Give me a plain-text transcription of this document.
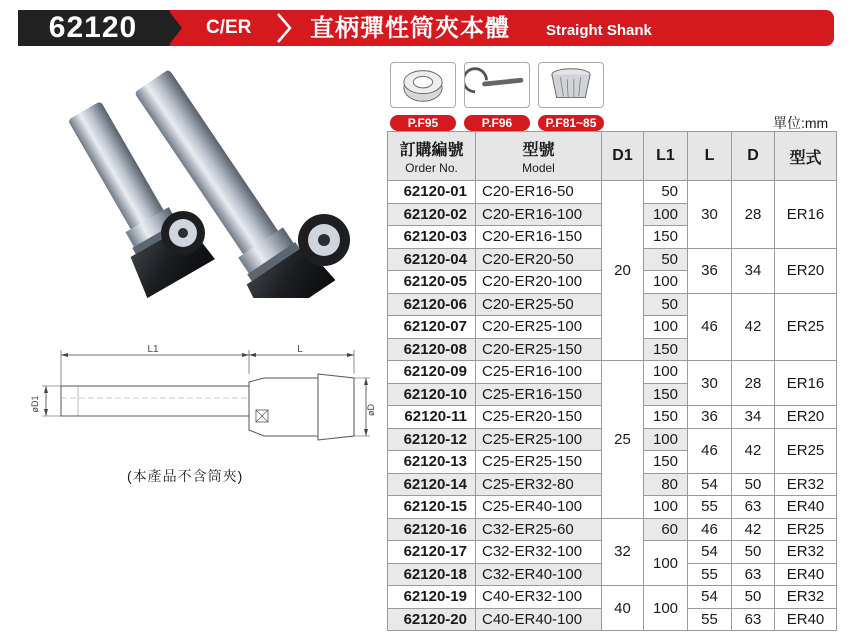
62120	C/ER 直柄彈性筒夾本體 Straight Shank
L1	L
øD1	øD
(本產品不含筒夾)
P.F95	P.F96	P.F81~85	單位:mm
訂購編號
Order No.	型號
Model	D1	L1	L	D	型式
62120-01	C20-ER16-50	20	50	30	28	ER16
62120-02	C20-ER16-100		100			
62120-03	C20-ER16-150		150			
62120-04	C20-ER20-50		50	36	34	ER20
62120-05	C20-ER20-100		100			
62120-06	C20-ER25-50		50	46	42	ER25
62120-07	C20-ER25-100		100			
62120-08	C20-ER25-150		150			
62120-09	C25-ER16-100	25	100	30	28	ER16
62120-10	C25-ER16-150		150			
62120-11	C25-ER20-150		150	36	34	ER20
62120-12	C25-ER25-100		100	46	42	ER25
62120-13	C25-ER25-150		150			
62120-14	C25-ER32-80		80	54	50	ER32
62120-15	C25-ER40-100		100	55	63	ER40
62120-16	C32-ER25-60	32	60	46	42	ER25
62120-17	C32-ER32-100		100	54	50	ER32
62120-18	C32-ER40-100			55	63	ER40
62120-19	C40-ER32-100	40	100	54	50	ER32
62120-20	C40-ER40-100			55	63	ER40
